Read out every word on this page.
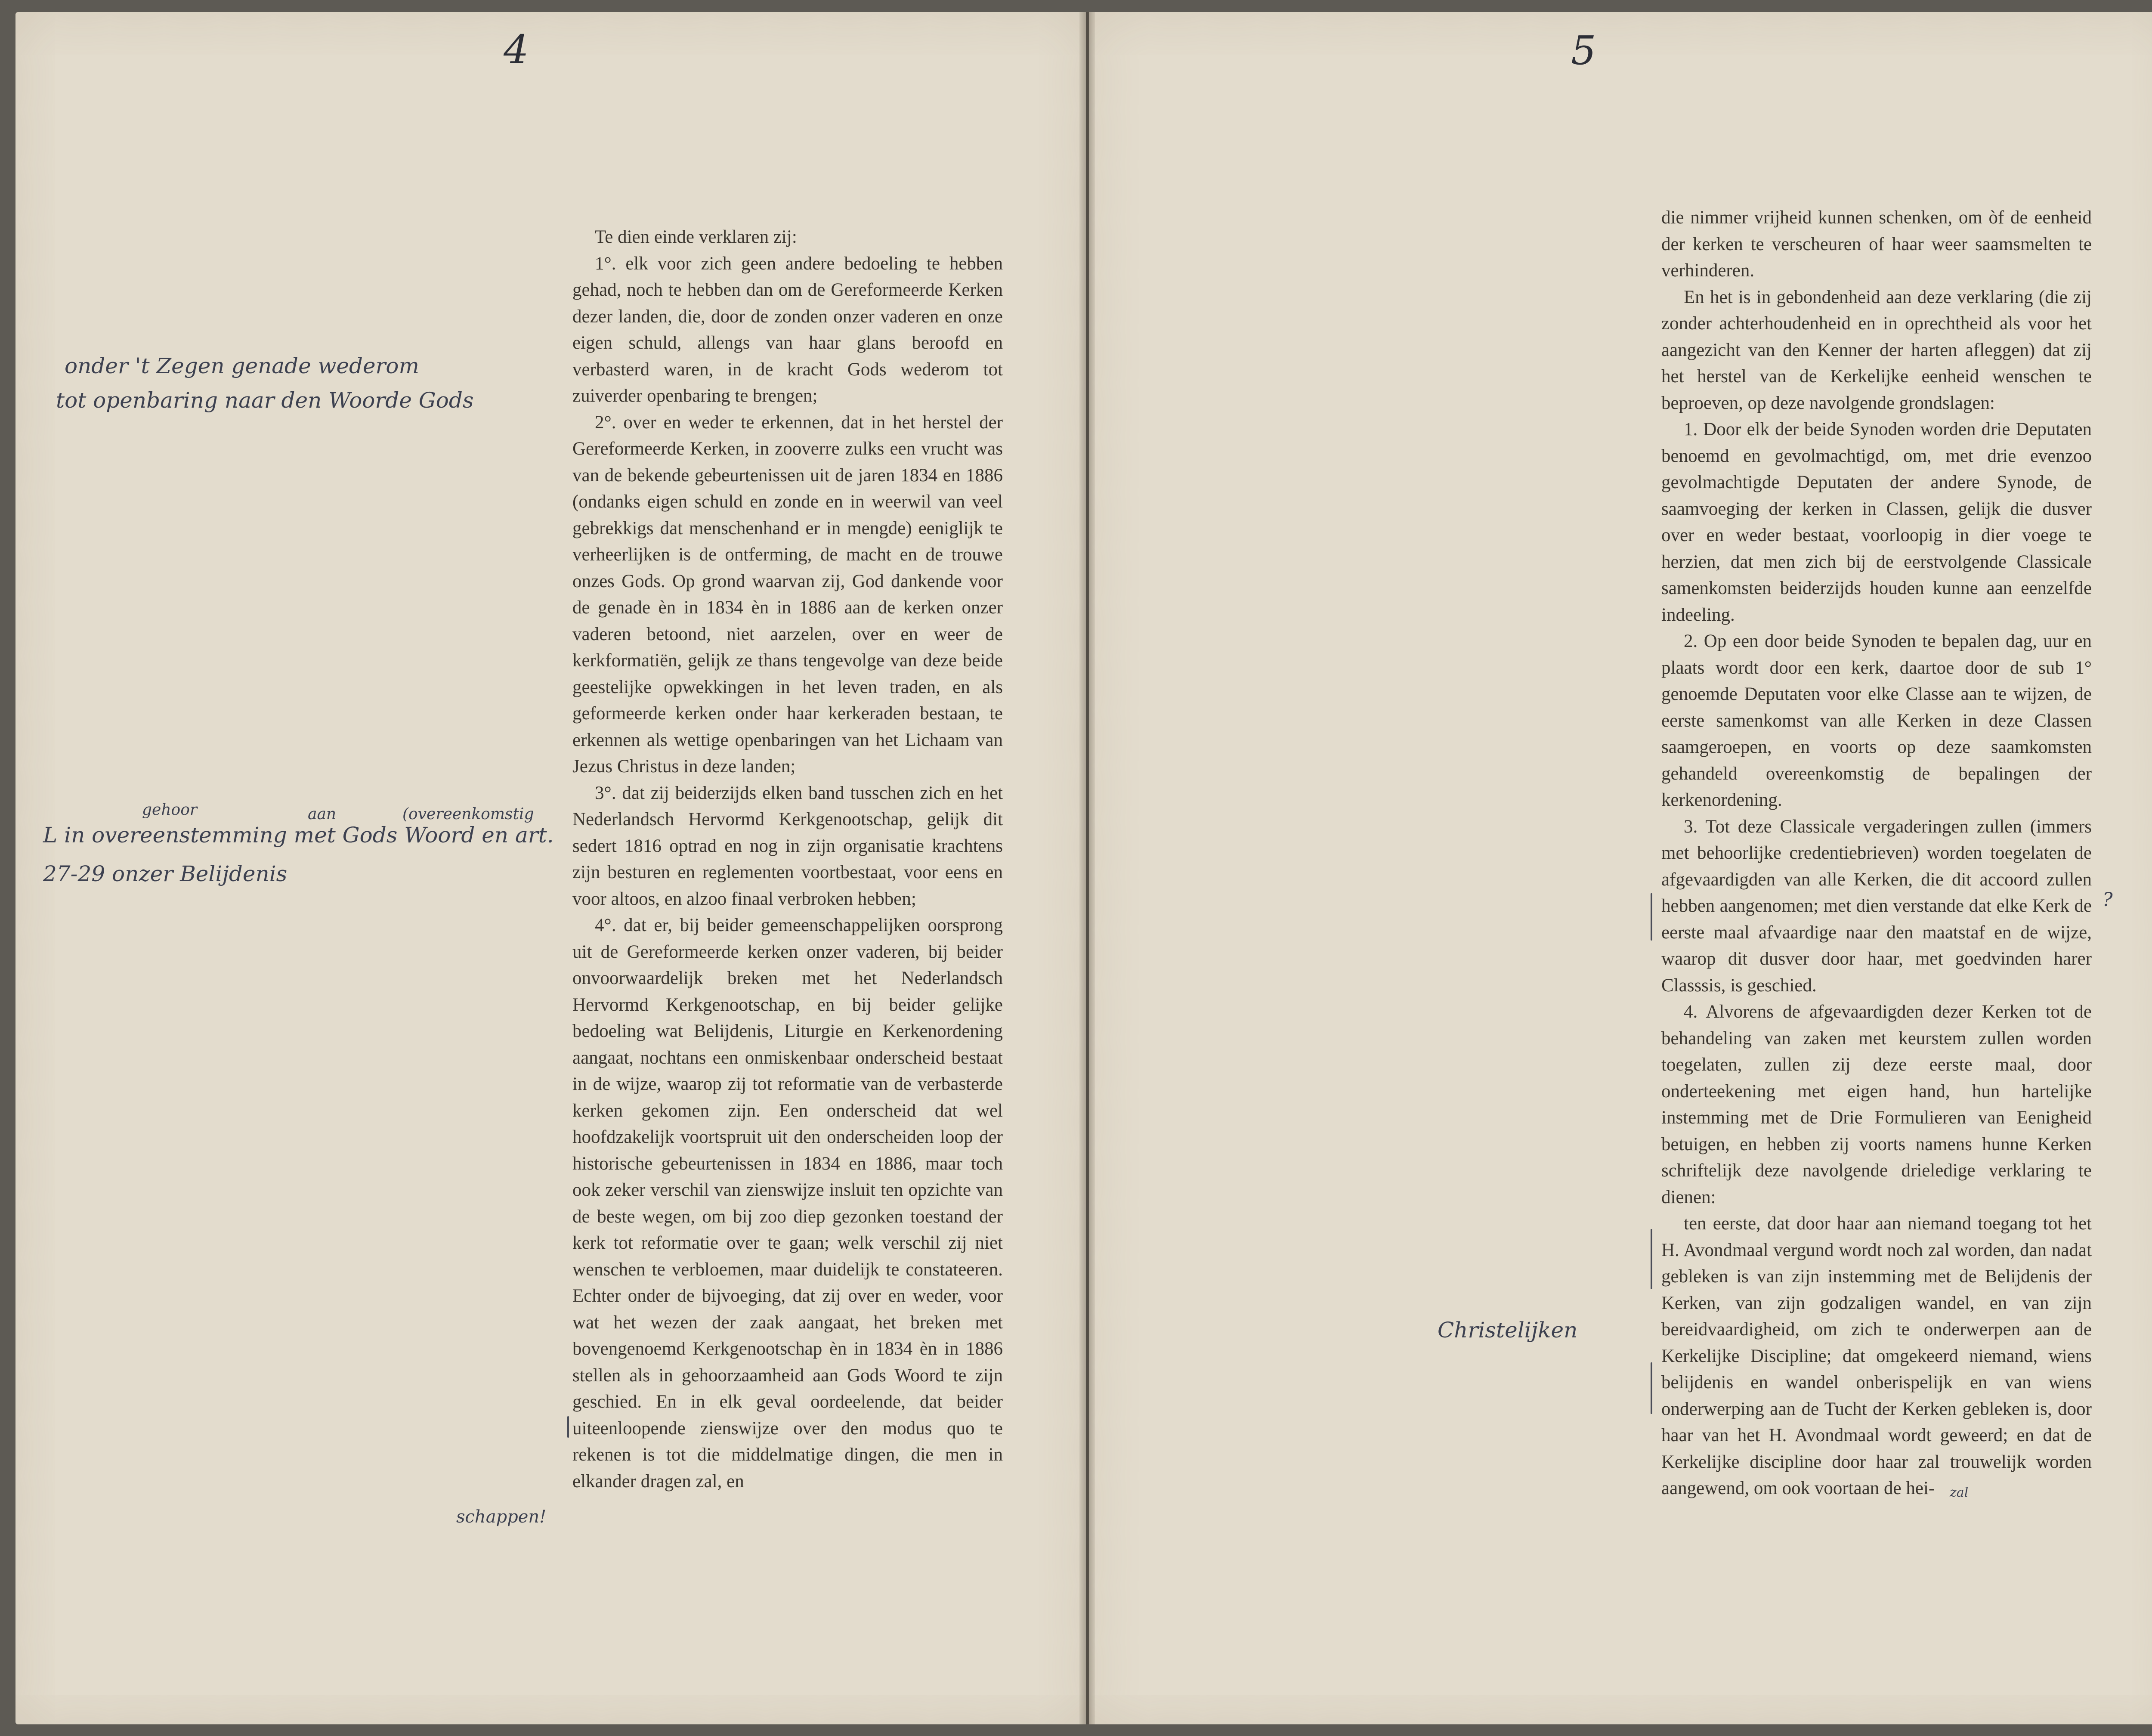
4	5

Te dien einde verklaren zij:

1°. elk voor zich geen andere bedoeling te hebben gehad, noch te hebben dan om de Gereformeerde Kerken dezer landen, die, door de zonden onzer vaderen en onze eigen schuld, allengs van haar glans beroofd en verbasterd waren, in de kracht Gods wederom tot zuiverder openbaring te brengen;

2°. over en weder te erkennen, dat in het herstel der Gereformeerde Kerken, in zooverre zulks een vrucht was van de bekende gebeurtenissen uit de jaren 1834 en 1886 (ondanks eigen schuld en zonde en in weerwil van veel gebrekkigs dat menschenhand er in mengde) eeniglijk te verheerlijken is de ontferming, de macht en de trouwe onzes Gods. Op grond waarvan zij, God dankende voor de genade èn in 1834 èn in 1886 aan de kerken onzer vaderen betoond, niet aarzelen, over en weer de kerkformatiën, gelijk ze thans tengevolge van deze beide geestelijke opwekkingen in het leven traden, en als geformeerde kerken onder haar kerkeraden bestaan, te erkennen als wettige openbaringen van het Lichaam van Jezus Christus in deze landen;

3°. dat zij beiderzijds elken band tusschen zich en het Nederlandsch Hervormd Kerkgenootschap, gelijk dit sedert 1816 optrad en nog in zijn organisatie krachtens zijn besturen en reglementen voortbestaat, voor eens en voor altoos, en alzoo finaal verbroken hebben;

4°. dat er, bij beider gemeenschappelijken oorsprong uit de Gereformeerde kerken onzer vaderen, bij beider onvoorwaardelijk breken met het Nederlandsch Hervormd Kerkgenootschap, en bij beider gelijke bedoeling wat Belijdenis, Liturgie en Kerkenordening aangaat, nochtans een onmiskenbaar onderscheid bestaat in de wijze, waarop zij tot reformatie van de verbasterde kerken gekomen zijn. Een onderscheid dat wel hoofdzakelijk voortspruit uit den onderscheiden loop der historische gebeurtenissen in 1834 en 1886, maar toch ook zeker verschil van zienswijze insluit ten opzichte van de beste wegen, om bij zoo diep gezonken toestand der kerk tot reformatie over te gaan; welk verschil zij niet wenschen te verbloemen, maar duidelijk te constateeren. Echter onder de bijvoeging, dat zij over en weder, voor wat het wezen der zaak aangaat, het breken met bovengenoemd Kerkgenootschap èn in 1834 èn in 1886 stellen als in gehoorzaamheid aan Gods Woord te zijn geschied. En in elk geval oordeelende, dat beider uiteenloopende zienswijze over den modus quo te rekenen is tot die middelmatige dingen, die men in elkander dragen zal, en

die nimmer vrijheid kunnen schenken, om òf de eenheid der kerken te verscheuren of haar weer saamsmelten te verhinderen.

En het is in gebondenheid aan deze verklaring (die zij zonder achterhoudenheid en in oprechtheid als voor het aangezicht van den Kenner der harten afleggen) dat zij het herstel van de Kerkelijke eenheid wenschen te beproeven, op deze navolgende grondslagen:

1. Door elk der beide Synoden worden drie Deputaten benoemd en gevolmachtigd, om, met drie evenzoo gevolmachtigde Deputaten der andere Synode, de saamvoeging der kerken in Classen, gelijk die dusver over en weder bestaat, voorloopig in dier voege te herzien, dat men zich bij de eerstvolgende Classicale samenkomsten beiderzijds houden kunne aan eenzelfde indeeling.

2. Op een door beide Synoden te bepalen dag, uur en plaats wordt door een kerk, daartoe door de sub 1° genoemde Deputaten voor elke Classe aan te wijzen, de eerste samenkomst van alle Kerken in deze Classen saamgeroepen, en voorts op deze saamkomsten gehandeld overeenkomstig de bepalingen der kerkenordening.

3. Tot deze Classicale vergaderingen zullen (immers met behoorlijke credentiebrieven) worden toegelaten de afgevaardigden van alle Kerken, die dit accoord zullen hebben aangenomen; met dien verstande dat elke Kerk de eerste maal afvaardige naar den maatstaf en de wijze, waarop dit dusver door haar, met goedvinden harer Classsis, is geschied.

4. Alvorens de afgevaardigden dezer Kerken tot de behandeling van zaken met keurstem zullen worden toegelaten, zullen zij deze eerste maal, door onderteekening met eigen hand, hun hartelijke instemming met de Drie Formulieren van Eenigheid betuigen, en hebben zij voorts namens hunne Kerken schriftelijk deze navolgende drieledige verklaring te dienen:

ten eerste, dat door haar aan niemand toegang tot het H. Avondmaal vergund wordt noch zal worden, dan nadat gebleken is van zijn instemming met de Belijdenis der Kerken, van zijn godzaligen wandel, en van zijn bereidvaardigheid, om zich te onderwerpen aan de Kerkelijke Discipline; dat omgekeerd niemand, wiens belijdenis en wandel onberispelijk en van wiens onderwerping aan de Tucht der Kerken gebleken is, door haar van het H. Avondmaal wordt geweerd; en dat de Kerkelijke discipline door haar zal trouwelijk worden aangewend, om ook voortaan de hei-

onder 't Zegen genade wederom
tot openbaring naar den Woorde Gods
L in overeenstemming met Gods Woord en art.
gehoor	aan	(overeenkomstig
27-29 onzer Belijdenis
schappen!
Christelijken
zal
?
